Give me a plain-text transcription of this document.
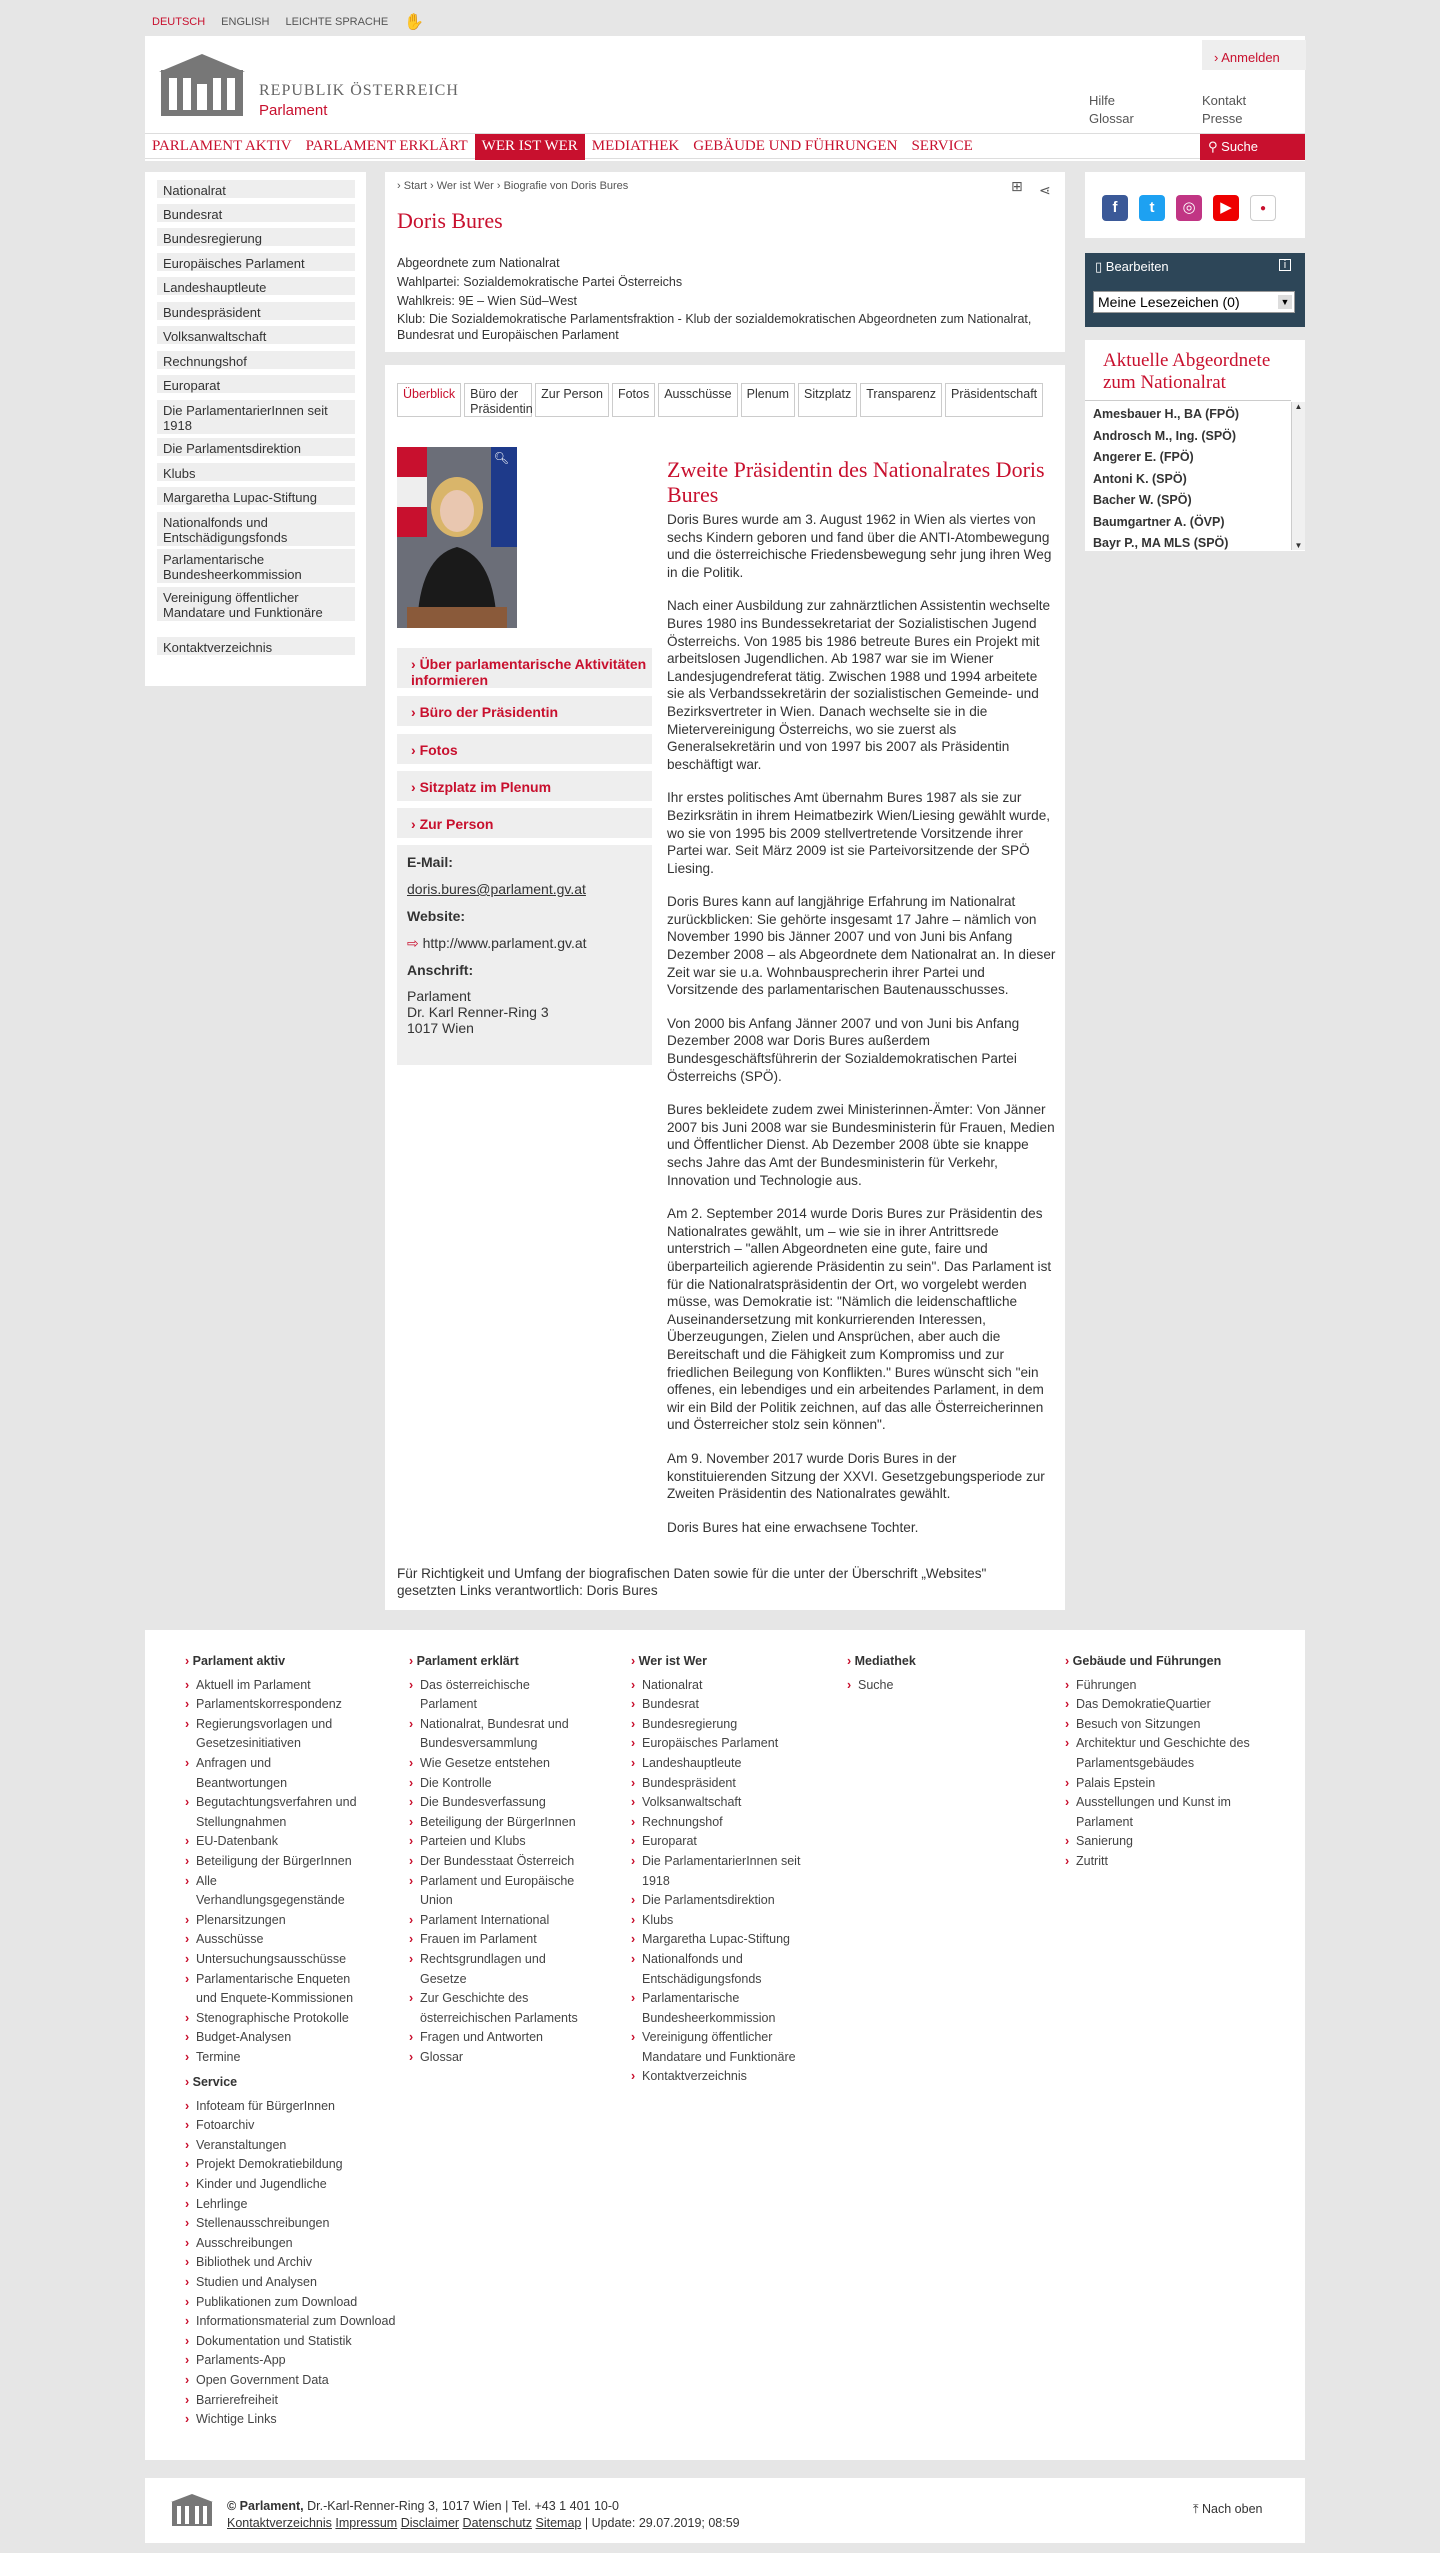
DEUTSCH ENGLISH LEICHTE SPRACHE ✋
REPUBLIK ÖSTERREICH
Parlament
› Anmelden
Hilfe
Glossar
Kontakt
Presse
PARLAMENT AKTIV PARLAMENT ERKLÄRT WER IST WER MEDIATHEK GEBÄUDE UND FÜHRUNGEN SERVICE	⚲ Suche
Nationalrat
Bundesrat
Bundesregierung
Europäisches Parlament
Landeshauptleute
Bundespräsident
Volksanwaltschaft
Rechnungshof
Europarat
Die ParlamentarierInnen seit 1918
Die Parlamentsdirektion
Klubs
Margaretha Lupac-Stiftung
Nationalfonds und Entschädigungsfonds
Parlamentarische Bundesheerkommission
Vereinigung öffentlicher Mandatare und Funktionäre
Kontaktverzeichnis
› Start › Wer ist Wer › Biografie von Doris Bures	⊞ ⋖
Doris Bures
Abgeordnete zum Nationalrat
Wahlpartei: Sozialdemokratische Partei Österreichs
Wahlkreis: 9E – Wien Süd–West
Klub: Die Sozialdemokratische Parlamentsfraktion - Klub der sozialdemokratischen Abgeordneten zum Nationalrat, Bundesrat und Europäischen Parlament
Überblick	Büro der Präsidentin
Zur Person	Fotos	Ausschüsse	Plenum	Sitzplatz	Transparenz	Präsidentschaft
🔍︎
› Über parlamentarische Aktivitäten informieren
› Büro der Präsidentin
› Fotos
› Sitzplatz im Plenum
› Zur Person
E-Mail:
doris.bures@parlament.gv.at
Website:
⇨ http://www.parlament.gv.at
Anschrift:
Parlament
Dr. Karl Renner-Ring 3
1017 Wien
Zweite Präsidentin des Nationalrates Doris Bures

Doris Bures wurde am 3. August 1962 in Wien als viertes von sechs Kindern geboren und fand über die ANTI-Atombewegung und die österreichische Friedensbewegung sehr jung ihren Weg in die Politik.

Nach einer Ausbildung zur zahnärztlichen Assistentin wechselte Bures 1980 ins Bundessekretariat der Sozialistischen Jugend Österreichs. Von 1985 bis 1986 betreute Bures ein Projekt mit arbeitslosen Jugendlichen. Ab 1987 war sie im Wiener Landesjugendreferat tätig. Zwischen 1988 und 1994 arbeitete sie als Verbandssekretärin der sozialistischen Gemeinde- und Bezirksvertreter in Wien. Danach wechselte sie in die Mietervereinigung Österreichs, wo sie zuerst als Generalsekretärin und von 1997 bis 2007 als Präsidentin beschäftigt war.

Ihr erstes politisches Amt übernahm Bures 1987 als sie zur Bezirksrätin in ihrem Heimatbezirk Wien/Liesing gewählt wurde, wo sie von 1995 bis 2009 stellvertretende Vorsitzende ihrer Partei war. Seit März 2009 ist sie Parteivorsitzende der SPÖ Liesing.

Doris Bures kann auf langjährige Erfahrung im Nationalrat zurückblicken: Sie gehörte insgesamt 17 Jahre – nämlich von November 1990 bis Jänner 2007 und von Juni bis Anfang Dezember 2008 – als Abgeordnete dem Nationalrat an. In dieser Zeit war sie u.a. Wohnbausprecherin ihrer Partei und Vorsitzende des parlamentarischen Bautenausschusses.

Von 2000 bis Anfang Jänner 2007 und von Juni bis Anfang Dezember 2008 war Doris Bures außerdem Bundesgeschäftsführerin der Sozialdemokratischen Partei Österreichs (SPÖ).

Bures bekleidete zudem zwei Ministerinnen-Ämter: Von Jänner 2007 bis Juni 2008 war sie Bundesministerin für Frauen, Medien und Öffentlicher Dienst. Ab Dezember 2008 übte sie knappe sechs Jahre das Amt der Bundesministerin für Verkehr, Innovation und Technologie aus.

Am 2. September 2014 wurde Doris Bures zur Präsidentin des Nationalrates gewählt, um – wie sie in ihrer Antrittsrede unterstrich – "allen Abgeordneten eine gute, faire und überparteilich agierende Präsidentin zu sein". Das Parlament ist für die Nationalratspräsidentin der Ort, wo vorgelebt werden müsse, was Demokratie ist: "Nämlich die leidenschaftliche Auseinandersetzung mit konkurrierenden Interessen, Überzeugungen, Zielen und Ansprüchen, aber auch die Bereitschaft und die Fähigkeit zum Kompromiss und zur friedlichen Beilegung von Konflikten." Bures wünscht sich "ein offenes, ein lebendiges und ein arbeitendes Parlament, in dem wir ein Bild der Politik zeichnen, auf das alle Österreicherinnen und Österreicher stolz sein können".

Am 9. November 2017 wurde Doris Bures in der konstituierenden Sitzung der XXVI. Gesetzgebungsperiode zur Zweiten Präsidentin des Nationalrates gewählt.

Doris Bures hat eine erwachsene Tochter.

Für Richtigkeit und Umfang der biografischen Daten sowie für die unter der Überschrift „Websites" gesetzten Links verantwortlich: Doris Bures
f	t	◎	▶	●
▯ Bearbeiten	i
Meine Lesezeichen (0)	▼
Aktuelle Abgeordnete zum Nationalrat
Amesbauer H., BA (FPÖ)
Androsch M., Ing. (SPÖ)
Angerer E. (FPÖ)
Antoni K. (SPÖ)
Bacher W. (SPÖ)
Baumgartner A. (ÖVP)
Bayr P., MA MLS (SPÖ)
▲
▼
› Parlament aktiv
› Aktuell im Parlament
› Parlamentskorrespondenz
› Regierungsvorlagen und Gesetzesinitiativen
› Anfragen und Beantwortungen
› Begutachtungsverfahren und Stellungnahmen
› EU-Datenbank
› Beteiligung der BürgerInnen
› Alle Verhandlungsgegenstände
› Plenarsitzungen
› Ausschüsse
› Untersuchungsausschüsse
› Parlamentarische Enqueten und Enquete-Kommissionen
› Stenographische Protokolle
› Budget-Analysen
› Termine
› Parlament erklärt
› Das österreichische Parlament
› Nationalrat, Bundesrat und Bundesversammlung
› Wie Gesetze entstehen
› Die Kontrolle
› Die Bundesverfassung
› Beteiligung der BürgerInnen
› Parteien und Klubs
› Der Bundesstaat Österreich
› Parlament und Europäische Union
› Parlament International
› Frauen im Parlament
› Rechtsgrundlagen und Gesetze
› Zur Geschichte des österreichischen Parlaments
› Fragen und Antworten
› Glossar
› Wer ist Wer
› Nationalrat
› Bundesrat
› Bundesregierung
› Europäisches Parlament
› Landeshauptleute
› Bundespräsident
› Volksanwaltschaft
› Rechnungshof
› Europarat
› Die ParlamentarierInnen seit 1918
› Die Parlamentsdirektion
› Klubs
› Margaretha Lupac-Stiftung
› Nationalfonds und Entschädigungsfonds
› Parlamentarische Bundesheerkommission
› Vereinigung öffentlicher Mandatare und Funktionäre
› Kontaktverzeichnis
› Mediathek
› Suche
› Gebäude und Führungen
› Führungen
› Das DemokratieQuartier
› Besuch von Sitzungen
› Architektur und Geschichte des Parlamentsgebäudes
› Palais Epstein
› Ausstellungen und Kunst im Parlament
› Sanierung
› Zutritt
› Service
› Infoteam für BürgerInnen
› Fotoarchiv
› Veranstaltungen
› Projekt Demokratiebildung
› Kinder und Jugendliche
› Lehrlinge
› Stellenausschreibungen
› Ausschreibungen
› Bibliothek und Archiv
› Studien und Analysen
› Publikationen zum Download
› Informationsmaterial zum Download
› Dokumentation und Statistik
› Parlaments-App
› Open Government Data
› Barrierefreiheit
› Wichtige Links
© Parlament, Dr.-Karl-Renner-Ring 3, 1017 Wien | Tel. +43 1 401 10-0
Kontaktverzeichnis Impressum Disclaimer Datenschutz Sitemap | Update: 29.07.2019; 08:59
⤒ Nach oben
